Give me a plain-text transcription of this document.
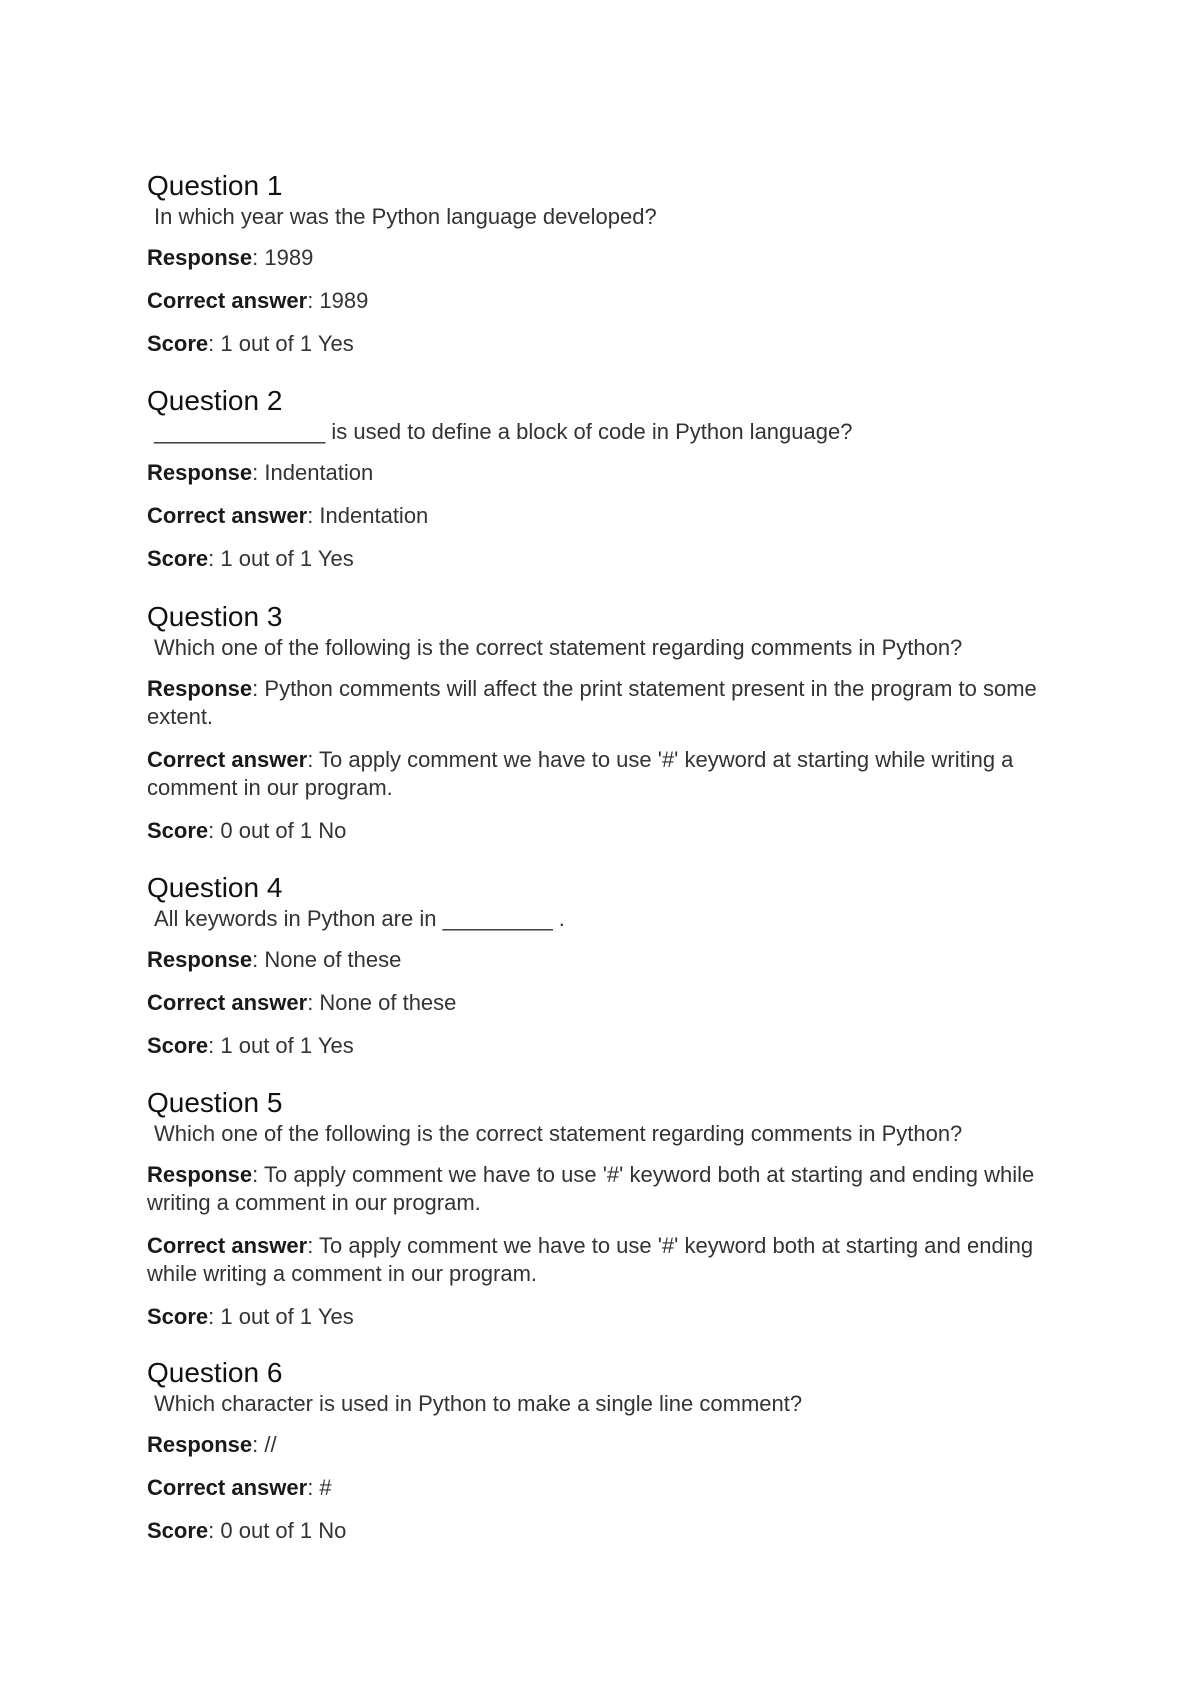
Question 1

In which year was the Python language developed?

Response: 1989

Correct answer: 1989

Score: 1 out of 1 Yes

Question 2

______________ is used to define a block of code in Python language?

Response: Indentation

Correct answer: Indentation

Score: 1 out of 1 Yes

Question 3

Which one of the following is the correct statement regarding comments in Python?

Response: Python comments will affect the print statement present in the program to some extent.

Correct answer: To apply comment we have to use '#' keyword at starting while writing a comment in our program.

Score: 0 out of 1 No

Question 4

All keywords in Python are in _________ .

Response: None of these

Correct answer: None of these

Score: 1 out of 1 Yes

Question 5

Which one of the following is the correct statement regarding comments in Python?

Response: To apply comment we have to use '#' keyword both at starting and ending while writing a comment in our program.

Correct answer: To apply comment we have to use '#' keyword both at starting and ending while writing a comment in our program.

Score: 1 out of 1 Yes

Question 6

Which character is used in Python to make a single line comment?

Response: //

Correct answer: #

Score: 0 out of 1 No
